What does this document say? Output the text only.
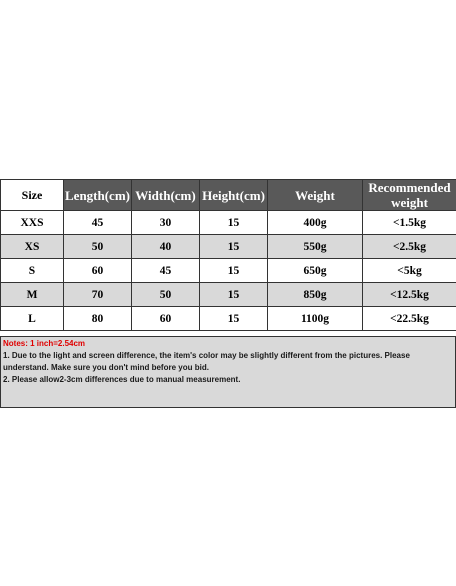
Size	Length(cm)	Width(cm)	Height(cm)	Weight	Recommended weight
XXS	45	30	15	400g	<1.5kg
XS	50	40	15	550g	<2.5kg
S	60	45	15	650g	<5kg
M	70	50	15	850g	<12.5kg
L	80	60	15	1100g	<22.5kg
Notes: 1 inch=2.54cm
1. Due to the light and screen difference, the item's color may be slightly different from the pictures. Please understand. Make sure you don't mind before you bid.
2. Please allow2-3cm differences due to manual measurement.
